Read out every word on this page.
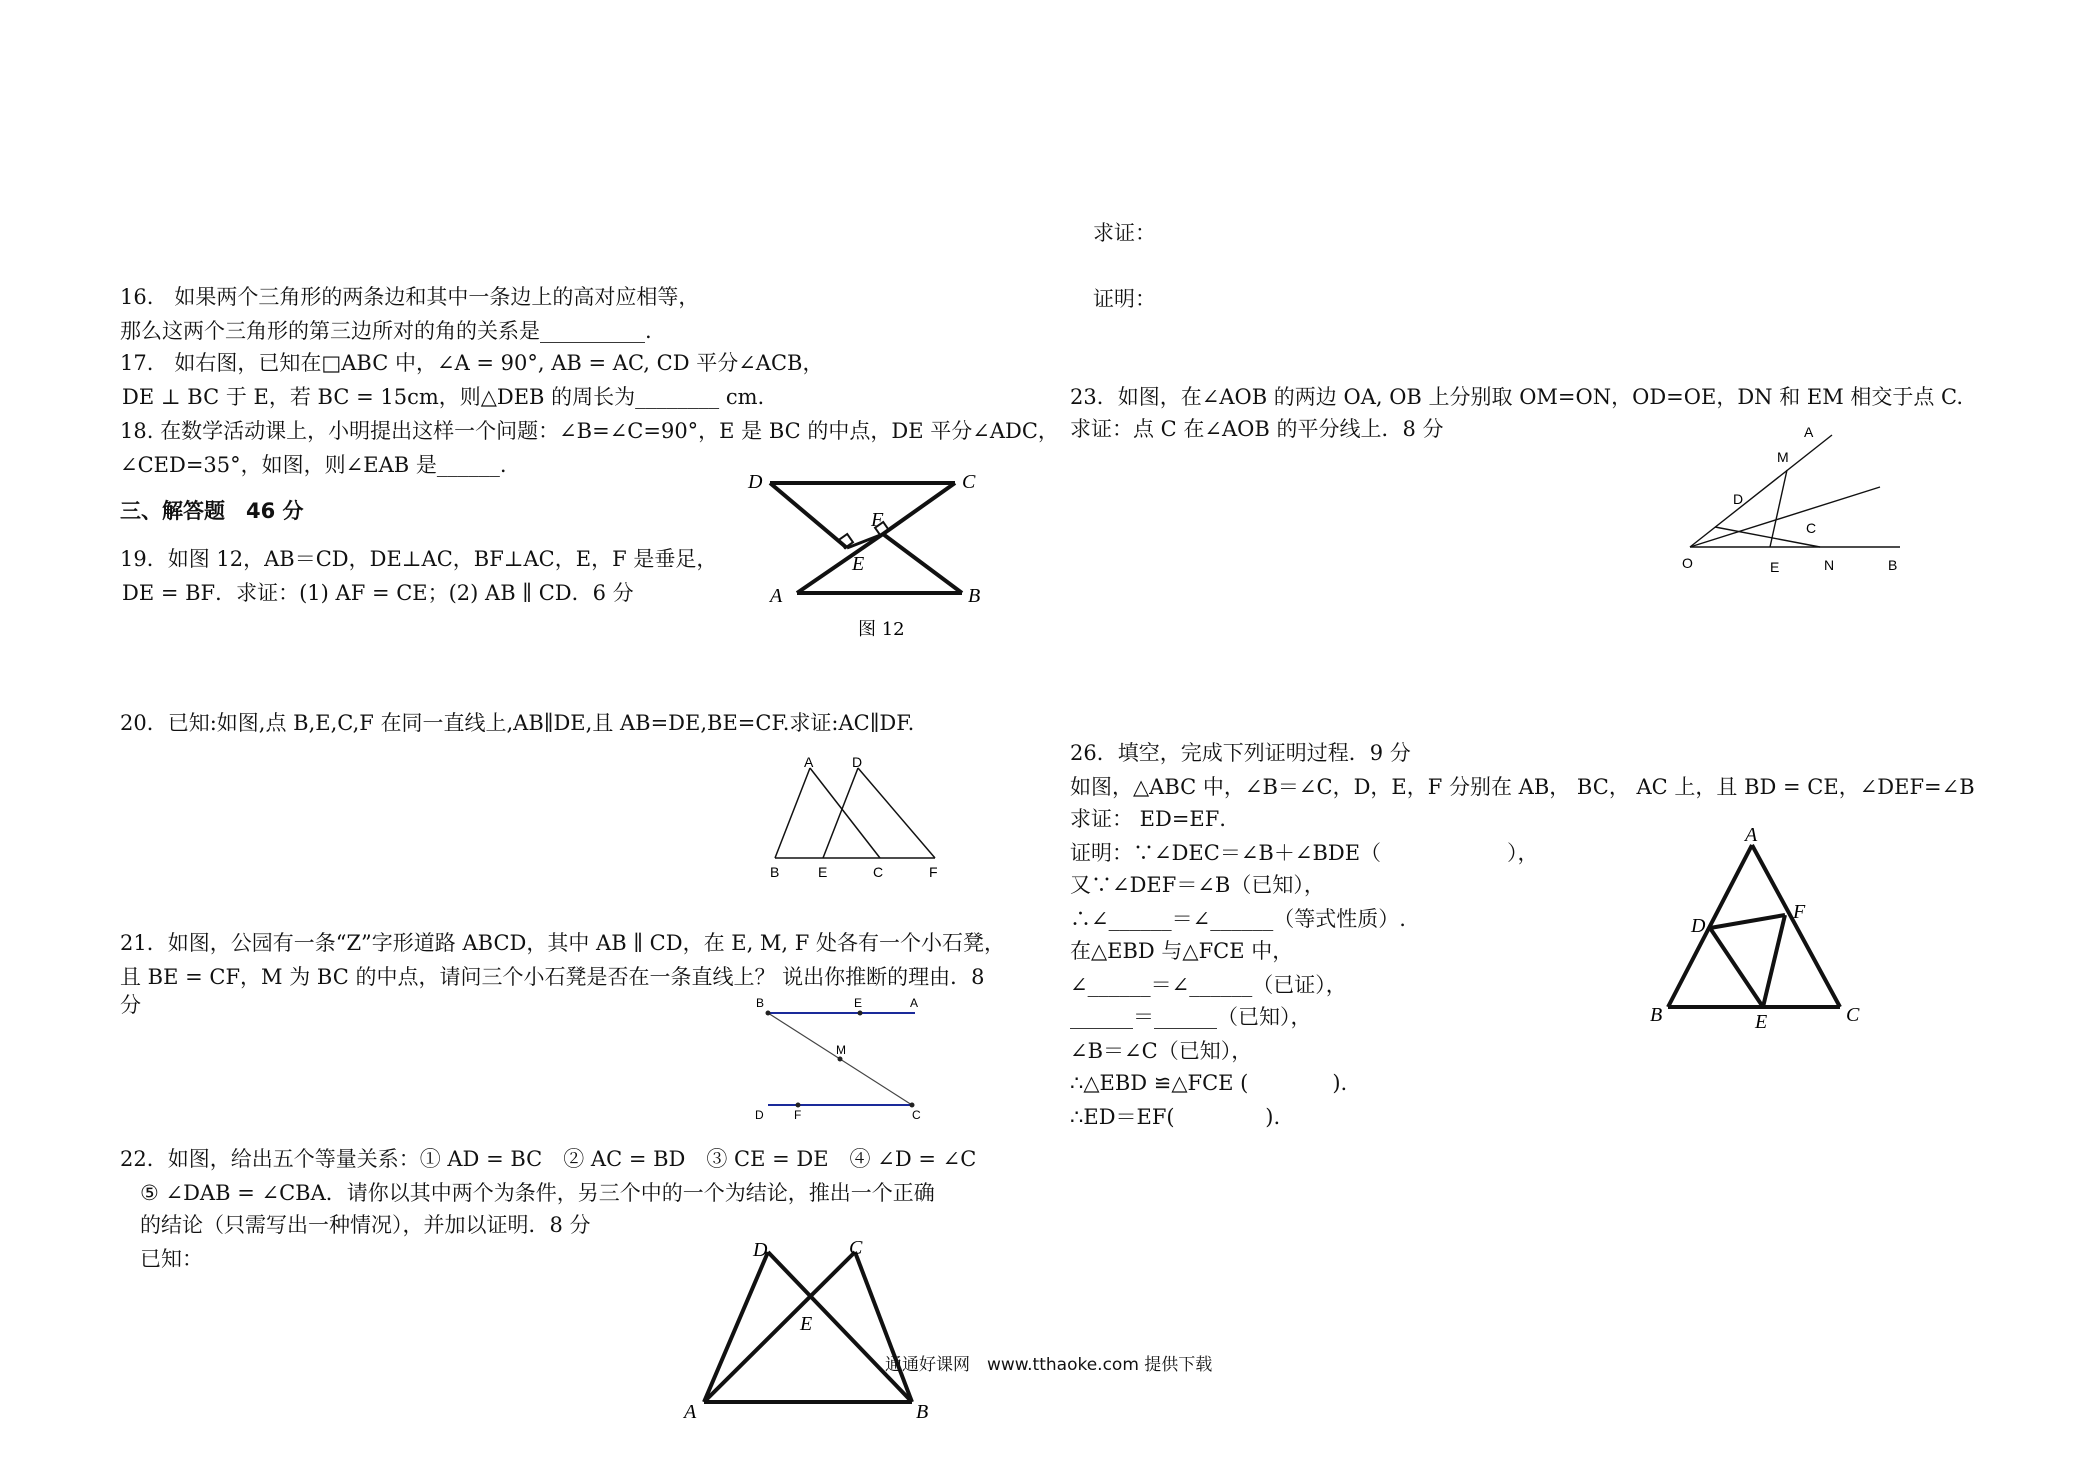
16.　如果两个三角形的两条边和其中一条边上的高对应相等，
那么这两个三角形的第三边所对的角的关系是__________.
17.　如右图，已知在□ABC 中，∠A = 90°, AB = AC, CD 平分∠ACB，
DE ⊥ BC 于 E，若 BC = 15cm，则△DEB 的周长为________ cm.
18. 在数学活动课上，小明提出这样一个问题：∠B=∠C=90°，E 是 BC 的中点，DE 平分∠ADC，
∠CED=35°，如图，则∠EAB 是______.
三、解答题　46 分
19．如图 12，AB＝CD，DE⊥AC，BF⊥AC，E，F 是垂足，
DE = BF．求证：(1) AF = CE；(2) AB ∥ CD．6 分
D	C
F
E
A	B
图 12
20．已知:如图,点 B,E,C,F 在同一直线上,AB∥DE,且 AB=DE,BE=CF.求证:AC∥DF.
A	D
B	E	C	F
21．如图，公园有一条“Z”字形道路 ABCD，其中 AB ∥ CD，在 E, M, F 处各有一个小石凳，
且 BE = CF，M 为 BC 的中点，请问三个小石凳是否在一条直线上？ 说出你推断的理由．8
分	B	E	A
M
D	F	C
22．如图，给出五个等量关系：① AD = BC　② AC = BD　③ CE = DE　④ ∠D = ∠C
⑤ ∠DAB = ∠CBA．请你以其中两个为条件，另三个中的一个为结论，推出一个正确
的结论（只需写出一种情况），并加以证明．8 分
已知：	D	C
E
A	B
通通好课网　www.tthaoke.com 提供下载
求证：
证明：
23．如图，在∠AOB 的两边 OA, OB 上分别取 OM=ON，OD=OE，DN 和 EM 相交于点 C.
求证：点 C 在∠AOB 的平分线上．8 分	A
M
D
C
O	E	N	B
26．填空，完成下列证明过程．9 分
如图，△ABC 中，∠B＝∠C，D，E，F 分别在 AB， BC， AC 上，且 BD = CE，∠DEF=∠B
求证： ED=EF．
证明：∵∠DEC＝∠B＋∠BDE（　　　　　　），
又∵∠DEF＝∠B（已知），
∴∠______＝∠______（等式性质）.
在△EBD 与△FCE 中，
∠______＝∠______（已证），
______＝______（已知），
∠B＝∠C（已知），
∴△EBD ≌△FCE (　　　　).
∴ED＝EF(　　　　 ).
A
D
F
B	E	C
